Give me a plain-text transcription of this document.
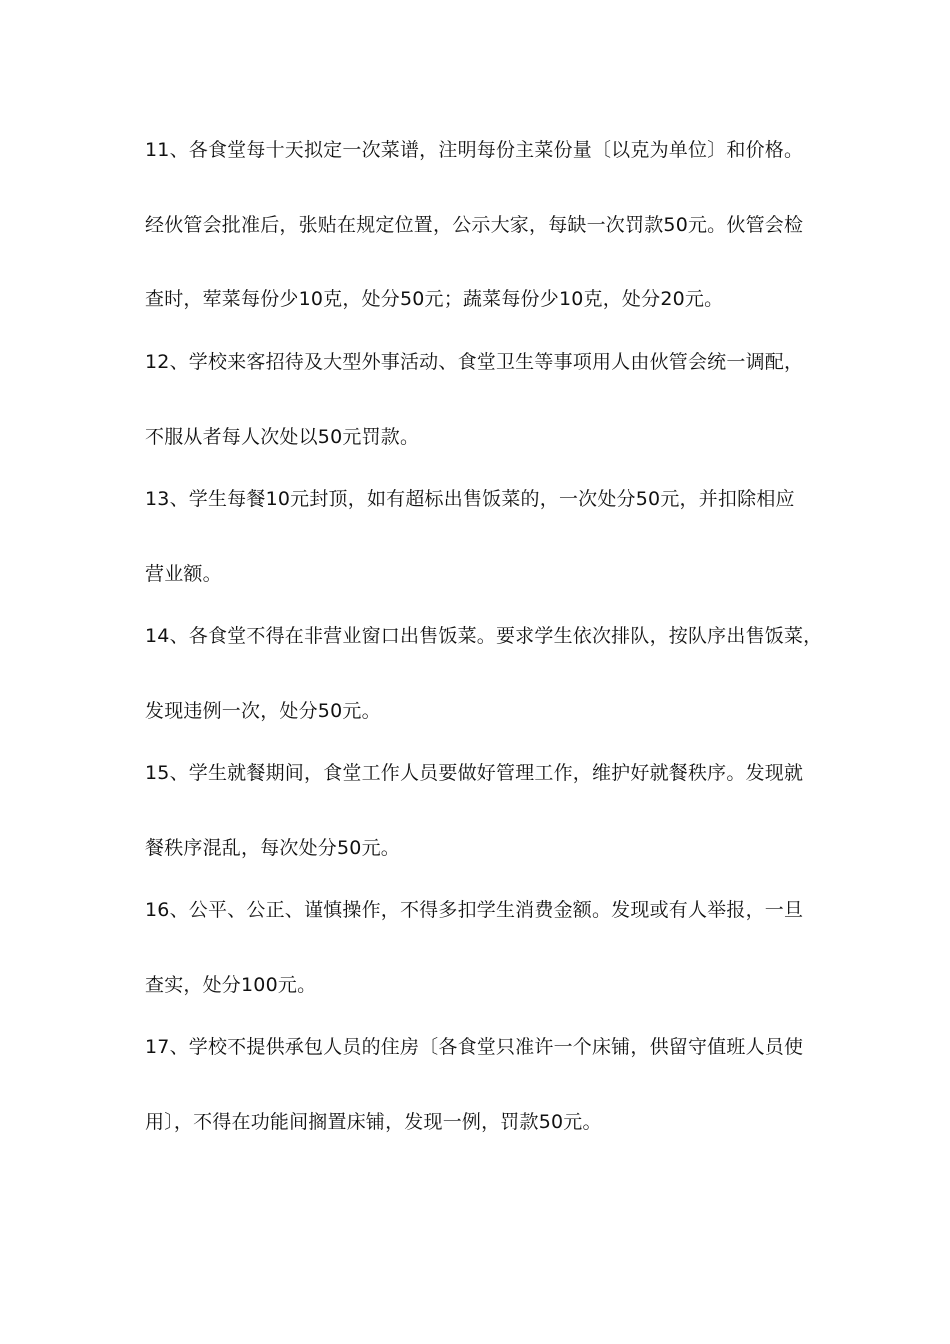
11、各食堂每十天拟定一次菜谱，注明每份主菜份量〔以克为单位〕和价格。
经伙管会批准后，张贴在规定位置，公示大家，每缺一次罚款50元。伙管会检
查时，荤菜每份少10克，处分50元；蔬菜每份少10克，处分20元。
12、学校来客招待及大型外事活动、食堂卫生等事项用人由伙管会统一调配，
不服从者每人次处以50元罚款。
13、学生每餐10元封顶，如有超标出售饭菜的，一次处分50元，并扣除相应
营业额。
14、各食堂不得在非营业窗口出售饭菜。要求学生依次排队，按队序出售饭菜，
发现违例一次，处分50元。
15、学生就餐期间，食堂工作人员要做好管理工作，维护好就餐秩序。发现就
餐秩序混乱，每次处分50元。
16、公平、公正、谨慎操作，不得多扣学生消费金额。发现或有人举报，一旦
查实，处分100元。
17、学校不提供承包人员的住房〔各食堂只准许一个床铺，供留守值班人员使
用〕，不得在功能间搁置床铺，发现一例，罚款50元。
